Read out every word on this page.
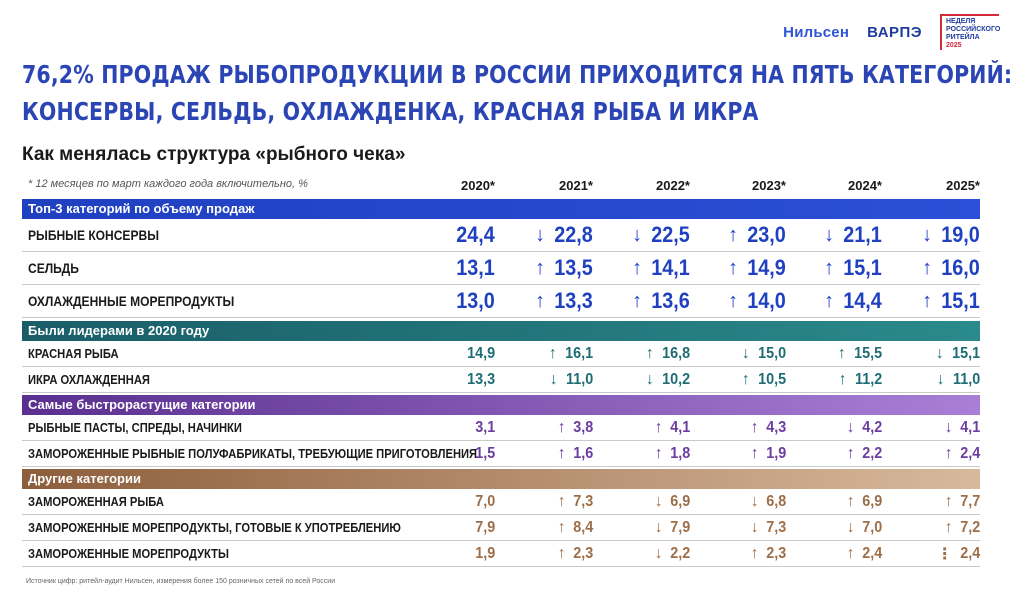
Нильсен ВАРПЭ
НЕДЕЛЯ
РОССИЙСКОГО
РИТЕЙЛА 2025
76,2% ПРОДАЖ РЫБОПРОДУКЦИИ В РОССИИ ПРИХОДИТСЯ НА ПЯТЬ КАТЕГОРИЙ:
КОНСЕРВЫ, СЕЛЬДЬ, ОХЛАЖДЕНКА, КРАСНАЯ РЫБА И ИКРА
Как менялась структура «рыбного чека»
* 12 месяцев по март каждого года включительно, %	2020*	2021*	2022*	2023*	2024*	2025*
Топ-3 категорий по объему продаж
РЫБНЫЕ КОНСЕРВЫ	24,4 ↓ 22,8 ↓ 22,5 ↑ 23,0 ↓ 21,1 ↓ 19,0
СЕЛЬДЬ	13,1 ↑ 13,5 ↑ 14,1 ↑ 14,9 ↑ 15,1 ↑ 16,0
ОХЛАЖДЕННЫЕ МОРЕПРОДУКТЫ	13,0 ↑ 13,3 ↑ 13,6 ↑ 14,0 ↑ 14,4 ↑ 15,1
Были лидерами в 2020 году
КРАСНАЯ РЫБА	14,9	↑ 16,1	↑ 16,8	↓ 15,0	↑ 15,5	↓ 15,1
ИКРА ОХЛАЖДЕННАЯ	13,3	↓ 11,0	↓ 10,2	↑ 10,5	↑ 11,2	↓ 11,0
Самые быстрорастущие категории
РЫБНЫЕ ПАСТЫ, СПРЕДЫ, НАЧИНКИ	3,1	↑ 3,8	↑ 4,1	↑ 4,3	↓ 4,2	↓ 4,1
ЗАМОРОЖЕННЫЕ РЫБНЫЕ ПОЛУФАБРИКАТЫ, ТРЕБУЮЩИЕ ПРИГОТОВЛЕНИЯ
1,5	↑ 1,6	↑ 1,8	↑ 1,9	↑ 2,2	↑ 2,4
Другие категории
ЗАМОРОЖЕННАЯ РЫБА	7,0	↑ 7,3	↓ 6,9	↓ 6,8	↑ 6,9	↑ 7,7
ЗАМОРОЖЕННЫЕ МОРЕПРОДУКТЫ, ГОТОВЫЕ К УПОТРЕБЛЕНИЮ	7,9	↑ 8,4	↓ 7,9	↓ 7,3	↓ 7,0	↑ 7,2
ЗАМОРОЖЕННЫЕ МОРЕПРОДУКТЫ	1,9	↑ 2,3	↓ 2,2	↑ 2,3	↑ 2,4	⋮ 2,4
Источник цифр: ритейл-аудит Нильсен, измерения более 150 розничных сетей по всей России
